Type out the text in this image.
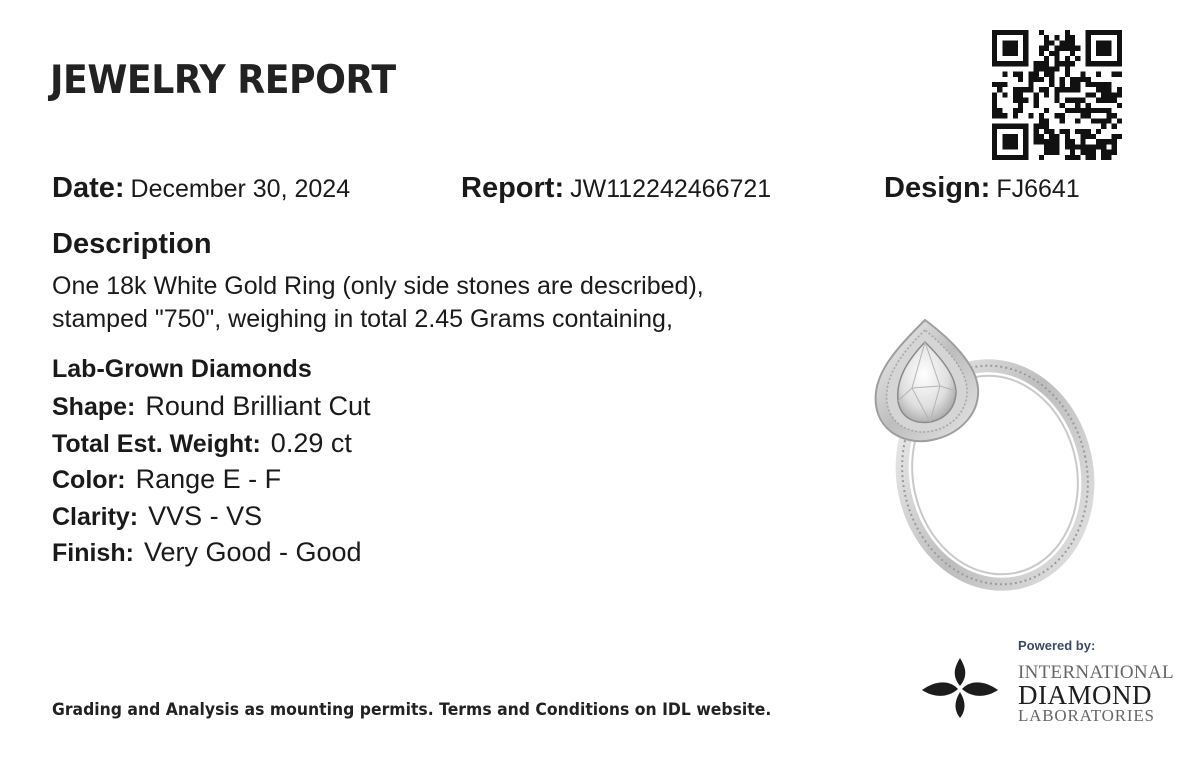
JEWELRY REPORT
Date: December 30, 2024	Report: JW112242466721	Design: FJ6641
Description
One 18k White Gold Ring (only side stones are described),
stamped "750", weighing in total 2.45 Grams containing,
Lab-Grown Diamonds
Shape: Round Brilliant Cut
Total Est. Weight: 0.29 ct
Color: Range E - F
Clarity: VVS - VS
Finish: Very Good - Good
Grading and Analysis as mounting permits. Terms and Conditions on IDL website.
Powered by:
INTERNATIONAL
DIAMOND
LABORATORIES
